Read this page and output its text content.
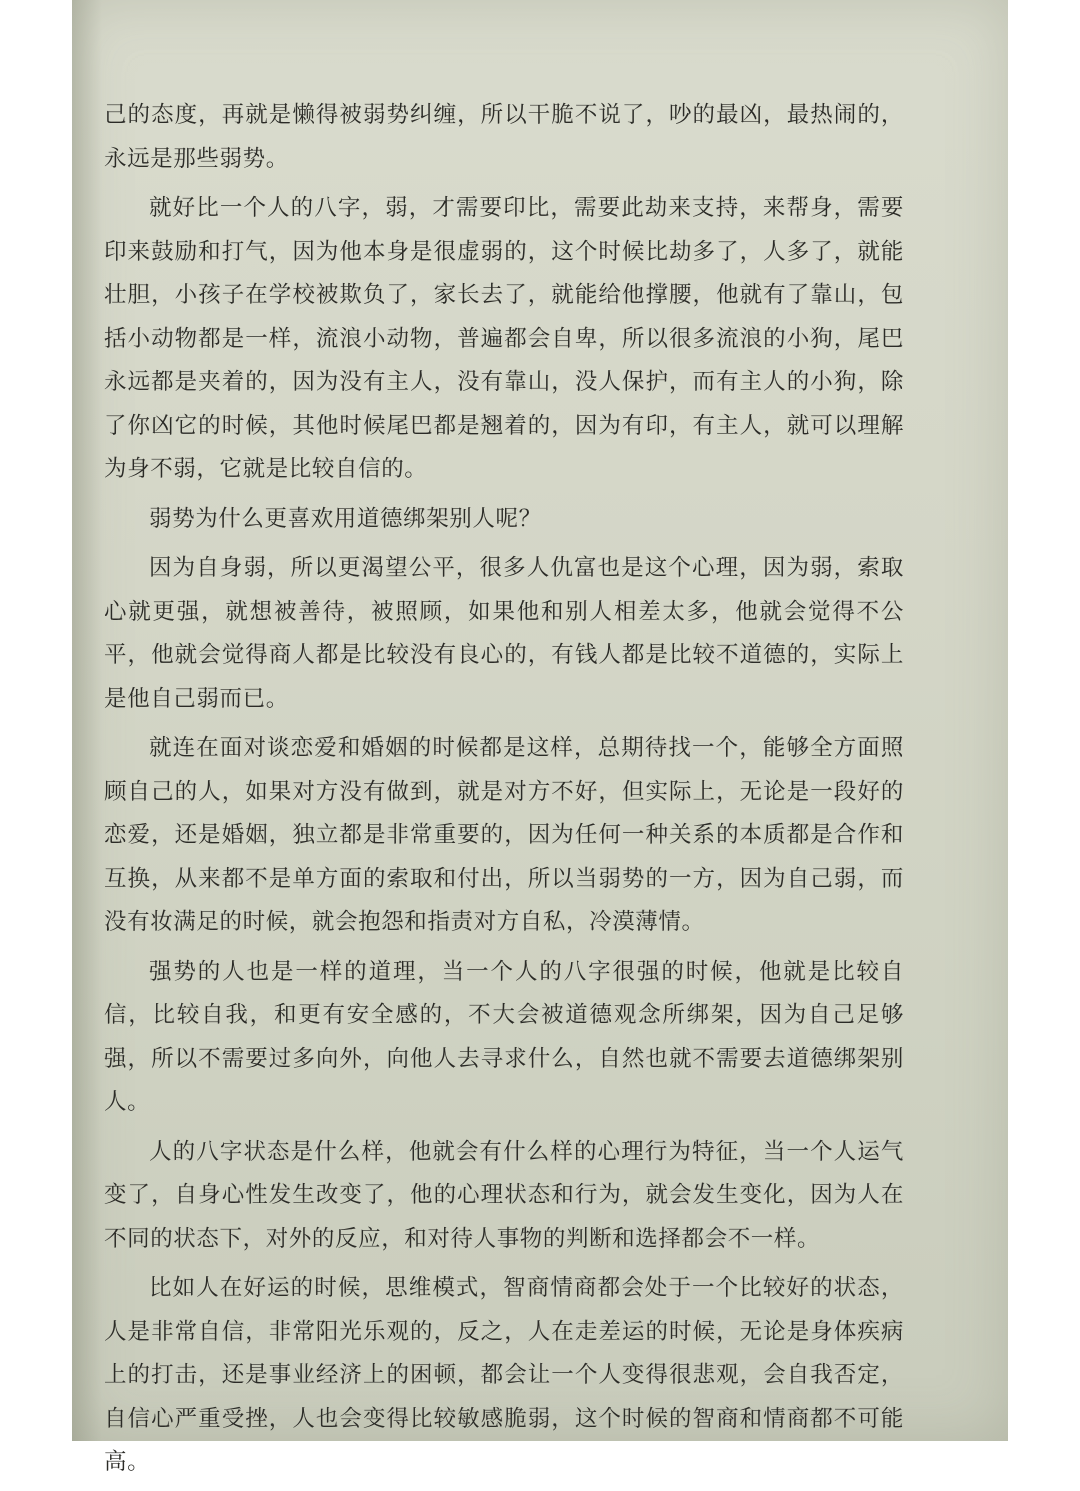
己的态度，再就是懒得被弱势纠缠，所以干脆不说了，吵的最凶，最热闹的，永远是那些弱势。

就好比一个人的八字，弱，才需要印比，需要此劫来支持，来帮身，需要印来鼓励和打气，因为他本身是很虚弱的，这个时候比劫多了，人多了，就能壮胆，小孩子在学校被欺负了，家长去了，就能给他撑腰，他就有了靠山，包括小动物都是一样，流浪小动物，普遍都会自卑，所以很多流浪的小狗，尾巴永远都是夹着的，因为没有主人，没有靠山，没人保护，而有主人的小狗，除了你凶它的时候，其他时候尾巴都是翘着的，因为有印，有主人，就可以理解为身不弱，它就是比较自信的。

弱势为什么更喜欢用道德绑架别人呢？

因为自身弱，所以更渴望公平，很多人仇富也是这个心理，因为弱，索取心就更强，就想被善待，被照顾，如果他和别人相差太多，他就会觉得不公平，他就会觉得商人都是比较没有良心的，有钱人都是比较不道德的，实际上是他自己弱而已。

就连在面对谈恋爱和婚姻的时候都是这样，总期待找一个，能够全方面照顾自己的人，如果对方没有做到，就是对方不好，但实际上，无论是一段好的恋爱，还是婚姻，独立都是非常重要的，因为任何一种关系的本质都是合作和互换，从来都不是单方面的索取和付出，所以当弱势的一方，因为自己弱，而没有妆满足的时候，就会抱怨和指责对方自私，冷漠薄情。

强势的人也是一样的道理，当一个人的八字很强的时候，他就是比较自信，比较自我，和更有安全感的，不大会被道德观念所绑架，因为自己足够强，所以不需要过多向外，向他人去寻求什么，自然也就不需要去道德绑架别人。

人的八字状态是什么样，他就会有什么样的心理行为特征，当一个人运气变了，自身心性发生改变了，他的心理状态和行为，就会发生变化，因为人在不同的状态下，对外的反应，和对待人事物的判断和选择都会不一样。

比如人在好运的时候，思维模式，智商情商都会处于一个比较好的状态，人是非常自信，非常阳光乐观的，反之，人在走差运的时候，无论是身体疾病上的打击，还是事业经济上的困顿，都会让一个人变得很悲观，会自我否定，自信心严重受挫，人也会变得比较敏感脆弱，这个时候的智商和情商都不可能高。
